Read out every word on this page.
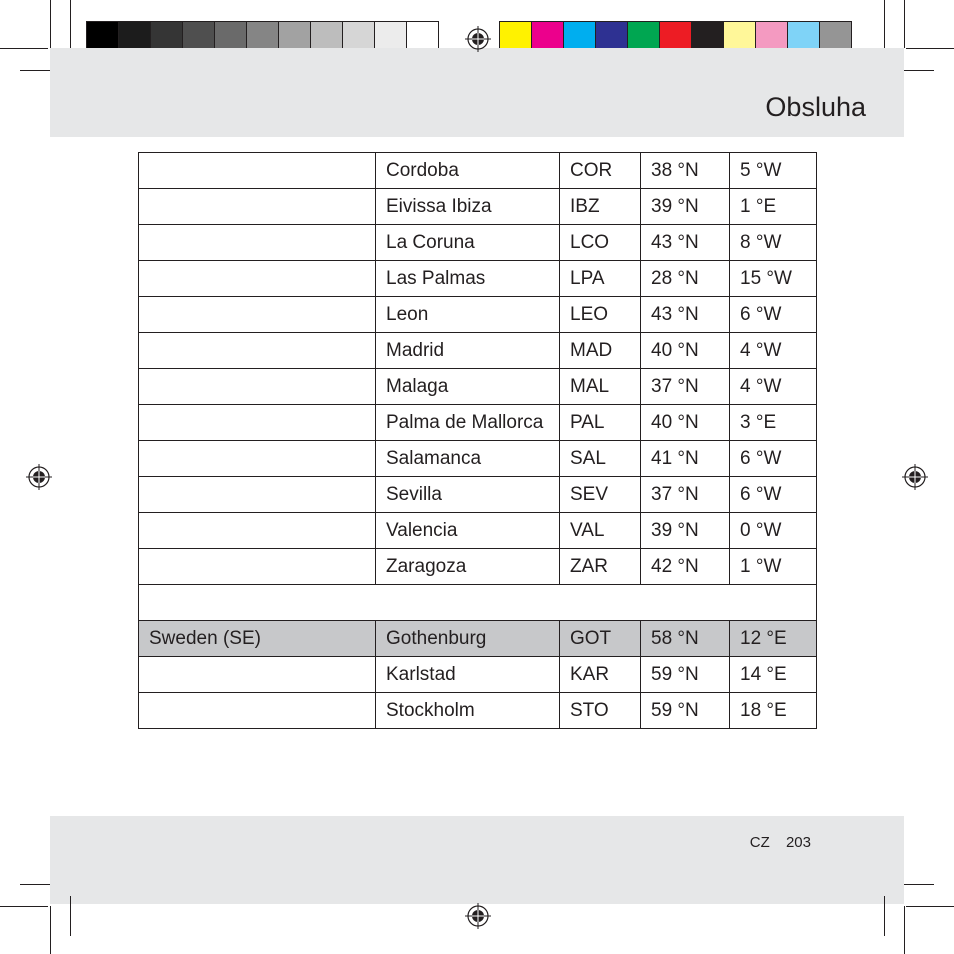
Obsluha
	Cordoba	COR	38 °N	5 °W
	Eivissa Ibiza	IBZ	39 °N	1 °E
	La Coruna	LCO	43 °N	8 °W
	Las Palmas	LPA	28 °N	15 °W
	Leon	LEO	43 °N	6 °W
	Madrid	MAD	40 °N	4 °W
	Malaga	MAL	37 °N	4 °W
	Palma de Mallorca	PAL	40 °N	3 °E
	Salamanca	SAL	41 °N	6 °W
	Sevilla	SEV	37 °N	6 °W
	Valencia	VAL	39 °N	0 °W
	Zaragoza	ZAR	42 °N	1 °W

Sweden (SE)	Gothenburg	GOT	58 °N	12 °E
	Karlstad	KAR	59 °N	14 °E
	Stockholm	STO	59 °N	18 °E
CZ 203
